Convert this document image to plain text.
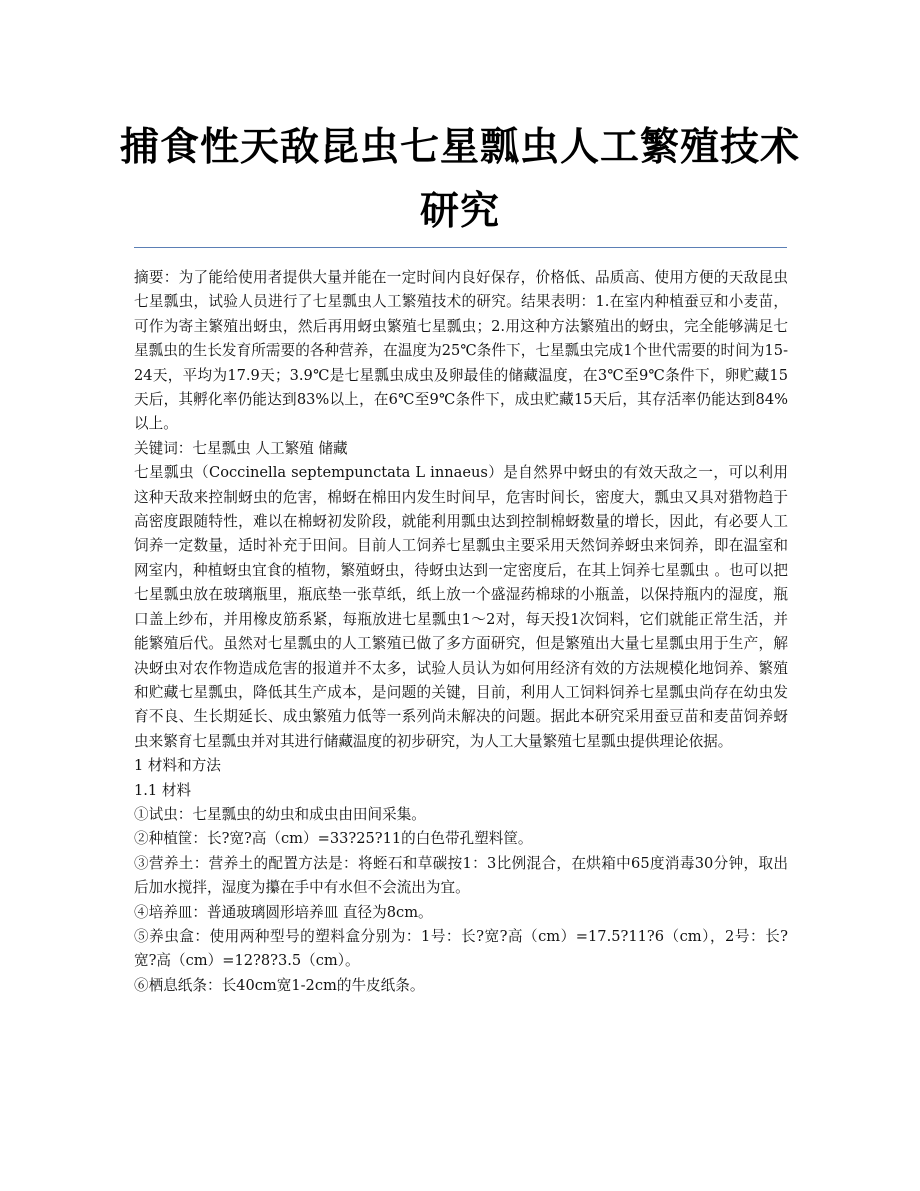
捕食性天敌昆虫七星瓢虫人工繁殖技术研究

摘要：为了能给使用者提供大量并能在一定时间内良好保存，价格低、品质高、使用方便的天敌昆虫七星瓢虫，试验人员进行了七星瓢虫人工繁殖技术的研究。结果表明：1.在室内种植蚕豆和小麦苗，可作为寄主繁殖出蚜虫，然后再用蚜虫繁殖七星瓢虫；2.用这种方法繁殖出的蚜虫，完全能够满足七星瓢虫的生长发育所需要的各种营养，在温度为25℃条件下，七星瓢虫完成1个世代需要的时间为15-24天，平均为17.9天；3.9℃是七星瓢虫成虫及卵最佳的储藏温度，在3℃至9℃条件下，卵贮藏15天后，其孵化率仍能达到83%以上，在6℃至9℃条件下，成虫贮藏15天后，其存活率仍能达到84%以上。

关键词：七星瓢虫 人工繁殖 储藏

七星瓢虫（Coccinella septempunctata L innaeus）是自然界中蚜虫的有效天敌之一，可以利用这种天敌来控制蚜虫的危害，棉蚜在棉田内发生时间早，危害时间长，密度大，瓢虫又具对猎物趋于高密度跟随特性，难以在棉蚜初发阶段，就能利用瓢虫达到控制棉蚜数量的增长，因此，有必要人工饲养一定数量，适时补充于田间。目前人工饲养七星瓢虫主要采用天然饲养蚜虫来饲养，即在温室和网室内，种植蚜虫宜食的植物，繁殖蚜虫，待蚜虫达到一定密度后，在其上饲养七星瓢虫 。也可以把七星瓢虫放在玻璃瓶里，瓶底垫一张草纸，纸上放一个盛湿药棉球的小瓶盖，以保持瓶内的湿度，瓶口盖上纱布，并用橡皮筋系紧，每瓶放进七星瓢虫1～2对，每天投1次饲料，它们就能正常生活，并能繁殖后代。虽然对七星瓢虫的人工繁殖已做了多方面研究，但是繁殖出大量七星瓢虫用于生产，解决蚜虫对农作物造成危害的报道并不太多，试验人员认为如何用经济有效的方法规模化地饲养、繁殖和贮藏七星瓢虫，降低其生产成本，是问题的关键，目前，利用人工饲料饲养七星瓢虫尚存在幼虫发育不良、生长期延长、成虫繁殖力低等一系列尚未解决的问题。据此本研究采用蚕豆苗和麦苗饲养蚜虫来繁育七星瓢虫并对其进行储藏温度的初步研究，为人工大量繁殖七星瓢虫提供理论依据。

1 材料和方法

1.1 材料

①试虫：七星瓢虫的幼虫和成虫由田间采集。

②种植筐：长?宽?高（cm）=33?25?11的白色带孔塑料筐。

③营养土：营养土的配置方法是：将蛭石和草碳按1：3比例混合，在烘箱中65度消毒30分钟，取出后加水搅拌，湿度为攥在手中有水但不会流出为宜。

④培养皿：普通玻璃圆形培养皿 直径为8cm。

⑤养虫盒：使用两种型号的塑料盒分别为：1号：长?宽?高（cm）=17.5?11?6（cm），2号：长?宽?高（cm）=12?8?3.5（cm）。

⑥栖息纸条：长40cm宽1-2cm的牛皮纸条。
